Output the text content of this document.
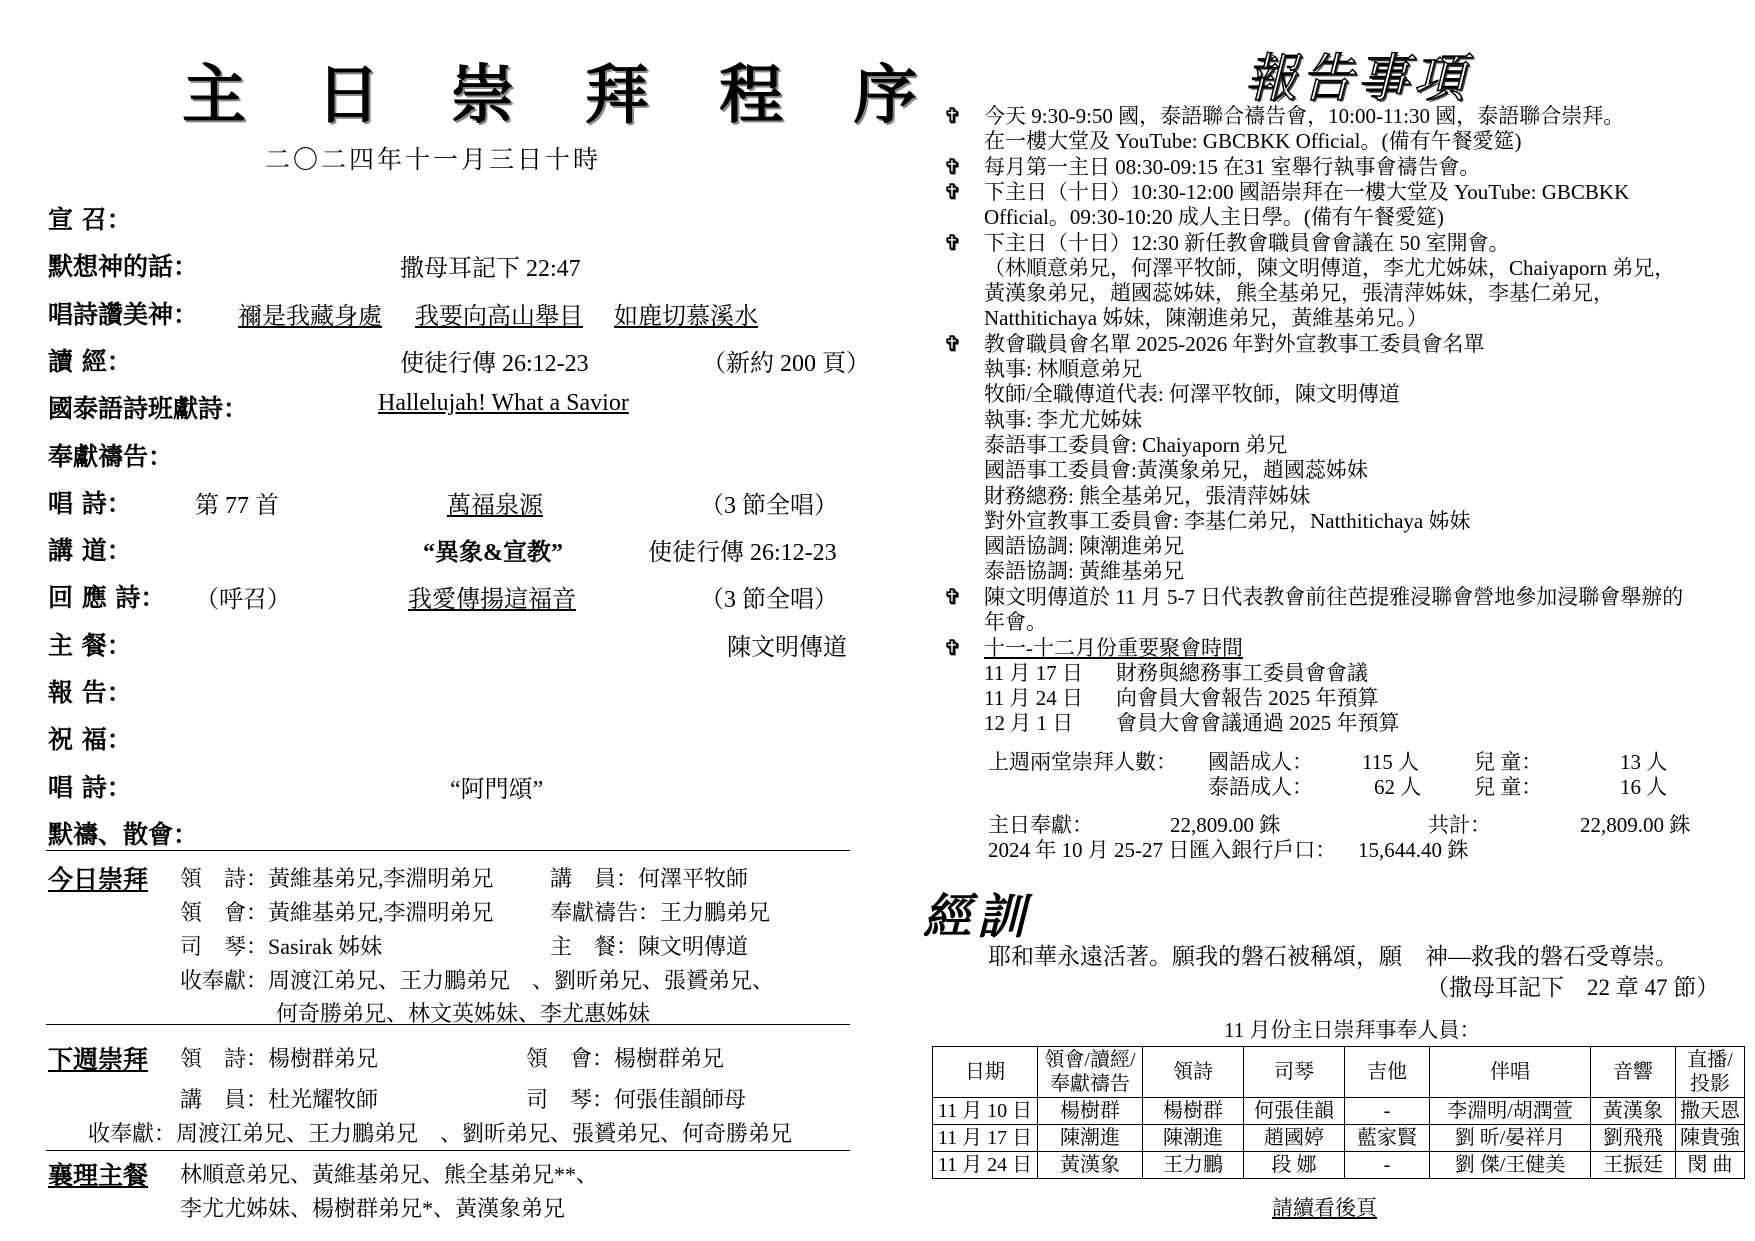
主 日 崇 拜 程 序
二〇二四年十一月三日十時
宣 召：
默想神的話：	撒母耳記下 22:47
唱詩讚美神： 禰是我藏身處 我要向高山舉目 如鹿切慕溪水
讀 經：	使徒行傳 26:12-23	（新約 200 頁）
國泰語詩班獻詩：	Hallelujah! What a Savior
奉獻禱告：
唱 詩：	第 77 首	萬福泉源	（3 節全唱）
講 道：	“異象&宣教”	使徒行傳 26:12-23
回 應 詩： （呼召）	我愛傳揚這福音	（3 節全唱）
主 餐：	陳文明傳道
報 告：
祝 福：
唱 詩：	“阿門頌”
默禱、散會：
今日崇拜 領　詩：黃維基弟兄,李淵明弟兄	講　員：何澤平牧師
領　會：黃維基弟兄,李淵明弟兄	奉獻禱告：王力鵬弟兄
司　琴：Sasirak 姊妹	主　餐：陳文明傳道
收奉獻：周渡江弟兄、王力鵬弟兄　、劉昕弟兄、張贇弟兄、
何奇勝弟兄、林文英姊妹、李尤惠姊妹
下週崇拜 領　詩：楊樹群弟兄	領　會：楊樹群弟兄
講　員：杜光耀牧師	司　琴：何張佳韻師母
收奉獻：周渡江弟兄、王力鵬弟兄　、劉昕弟兄、張贇弟兄、何奇勝弟兄
襄理主餐 林順意弟兄、黃維基弟兄、熊全基弟兄**、
李尤尤姊妹、楊樹群弟兄*、黃漢象弟兄
報告事項
✞ 今天 9:30-9:50 國，泰語聯合禱告會，10:00-11:30 國，泰語聯合崇拜。
在一樓大堂及 YouTube: GBCBKK Official。(備有午餐愛筵)
✞ 每月第一主日 08:30-09:15 在31 室舉行執事會禱告會。
✞ 下主日（十日）10:30-12:00 國語崇拜在一樓大堂及 YouTube: GBCBKK
Official。09:30-10:20 成人主日學。(備有午餐愛筵)
✞ 下主日（十日）12:30 新任教會職員會會議在 50 室開會。
（林順意弟兄，何澤平牧師，陳文明傳道，李尤尤姊妹，Chaiyaporn 弟兄，
黃漢象弟兄，趙國蕊姊妹，熊全基弟兄，張清萍姊妹，李基仁弟兄，
Natthitichaya 姊妹，陳潮進弟兄，黃維基弟兄。）
✞ 教會職員會名單 2025-2026 年對外宣教事工委員會名單
執事: 林順意弟兄
牧師/全職傳道代表: 何澤平牧師，陳文明傳道
執事: 李尤尤姊妹
泰語事工委員會: Chaiyaporn 弟兄
國語事工委員會:黃漢象弟兄，趙國蕊姊妹
財務總務: 熊全基弟兄，張清萍姊妹
對外宣教事工委員會: 李基仁弟兄，Natthitichaya 姊妹
國語協調: 陳潮進弟兄
泰語協調: 黃維基弟兄
✞ 陳文明傳道於 11 月 5-7 日代表教會前往芭提雅浸聯會營地參加浸聯會舉辦的
年會。
✞ 十一-十二月份重要聚會時間
11 月 17 日 財務與總務事工委員會會議
11 月 24 日 向會員大會報告 2025 年預算
12 月 1 日 會員大會會議通過 2025 年預算
上週兩堂崇拜人數： 國語成人： 115 人	兒 童：	13 人
泰語成人：	62 人	兒 童：	16 人
主日奉獻：	22,809.00 銖	共計：	22,809.00 銖
2024 年 10 月 25-27 日匯入銀行戶口： 15,644.40 銖
經訓
耶和華永遠活著。願我的磐石被稱頌，願　神—救我的磐石受尊崇。
（撒母耳記下　22 章 47 節）
11 月份主日崇拜事奉人員：
日期	領會/讀經/奉獻禱告	領詩	司琴	吉他	伴唱	音響	直播/投影
11 月 10 日	楊樹群	楊樹群	何張佳韻	-	李淵明/胡潤萱	黃漢象	撒天恩
11 月 17 日	陳潮進	陳潮進	趙國婷	藍家賢	劉 昕/晏祥月	劉飛飛	陳貴強
11 月 24 日	黃漢象	王力鵬	段 娜	-	劉 傑/王健美	王振廷	閔 曲
請續看後頁
